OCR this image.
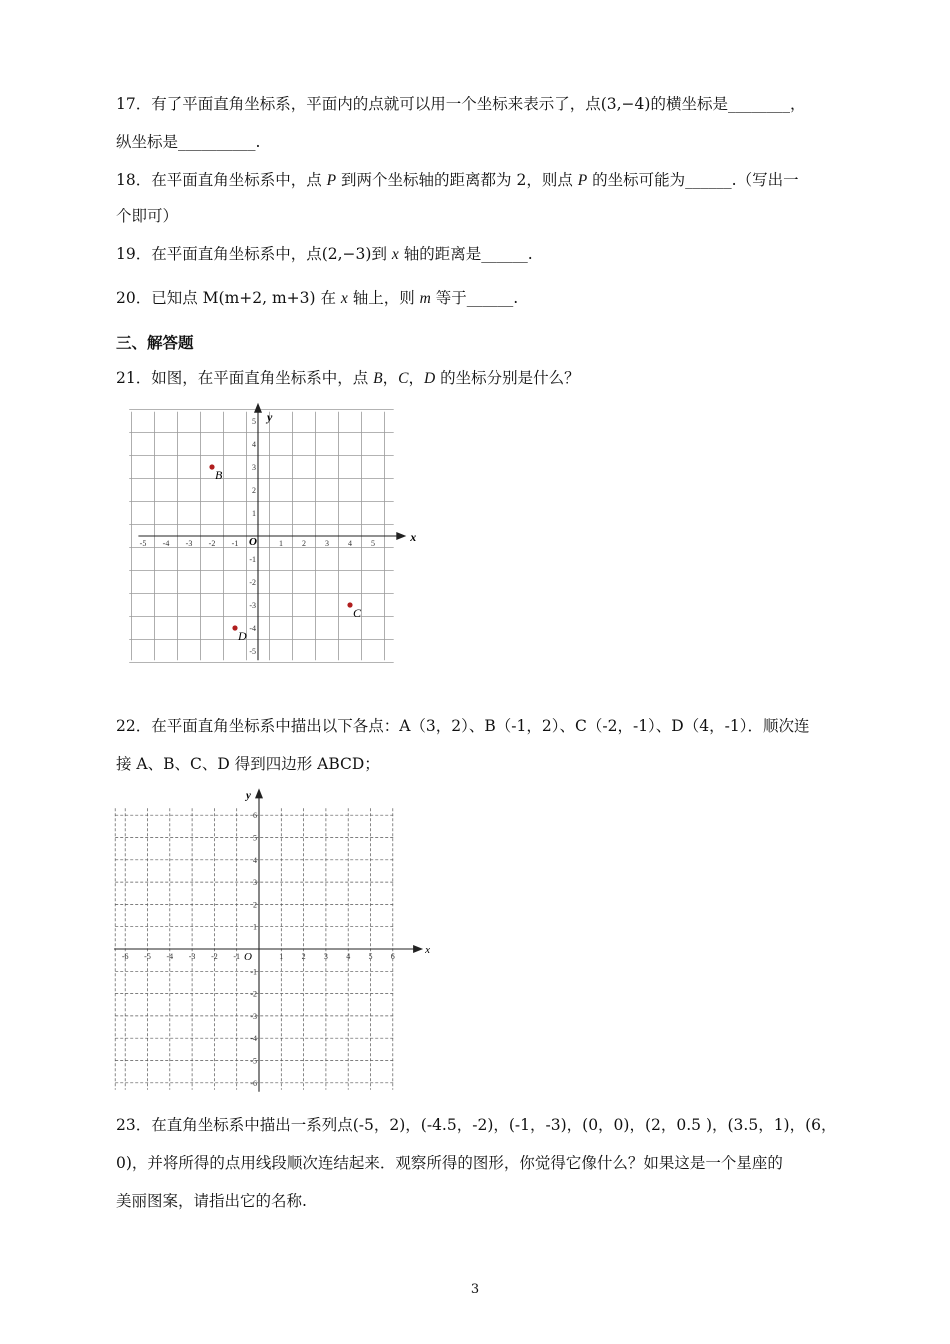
17．有了平面直角坐标系，平面内的点就可以用一个坐标来表示了，点(3,−4)的横坐标是________，
纵坐标是__________.
18．在平面直角坐标系中，点 P 到两个坐标轴的距离都为 2，则点 P 的坐标可能为______.（写出一
个即可）
19．在平面直角坐标系中，点(2,−3)到 x 轴的距离是______.
20．已知点 M(m+2, m+3) 在 x 轴上，则 m 等于______.
三、解答题
21．如图，在平面直角坐标系中，点 B，C，D 的坐标分别是什么？
x
y
O
-5 -4 -3 -2 -1	1 2 3 4 5
5
4
3
2
1
-1
-2
-3
-4
-5
B
C
D
22．在平面直角坐标系中描出以下各点：A（3，2）、B（-1，2）、C（-2，-1）、D（4，-1）．顺次连
接 A、B、C、D 得到四边形 ABCD；
x
y
O
-6 -5 -4 -3 -2 -1	1 2 3 4 5 6
6
5
4
3
2
1
-1
-2
-3
-4
-5
-6
23．在直角坐标系中描出一系列点(-5，2)，(-4.5，-2)，(-1，-3)，(0，0)，(2，0.5 )，(3.5，1)，(6，
0)，并将所得的点用线段顺次连结起来．观察所得的图形，你觉得它像什么？如果这是一个星座的
美丽图案，请指出它的名称.
3
